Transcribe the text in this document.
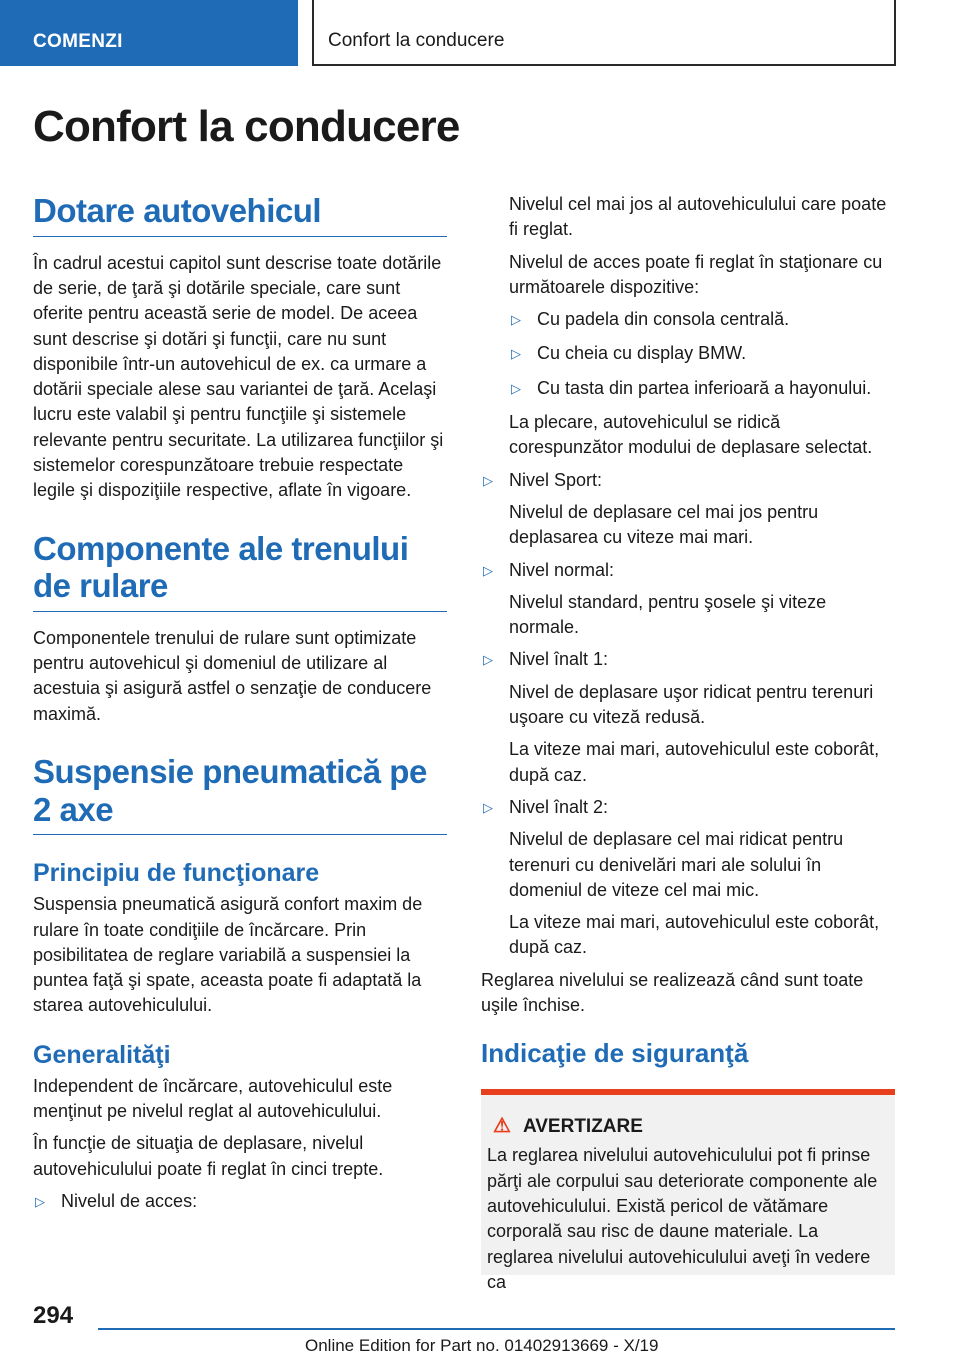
COMENZI	Confort la conducere
Confort la conducere
Dotare autovehicul

În cadrul acestui capitol sunt descrise toate dotările de serie, de ţară şi dotările speciale, care sunt oferite pentru această serie de model. De aceea sunt descrise şi dotări şi funcţii, care nu sunt disponibile într-un autovehicul de ex. ca urmare a dotării speciale alese sau variantei de ţară. Acelaşi lucru este valabil şi pentru funcţiile şi sistemele relevante pentru securitate. La utilizarea funcţiilor şi sistemelor corespunzătoare trebuie respectate legile şi dispoziţiile respective, aflate în vigoare.

Componente ale trenului de rulare

Componentele trenului de rulare sunt optimizate pentru autovehicul şi domeniul de utilizare al acestuia şi asigură astfel o senzaţie de conducere maximă.

Suspensie pneumatică pe 2 axe
Principiu de funcţionare

Suspensia pneumatică asigură confort maxim de rulare în toate condiţiile de încărcare. Prin posibilitatea de reglare variabilă a suspensiei la puntea faţă şi spate, aceasta poate fi adaptată la starea autovehiculului.

Generalităţi

Independent de încărcare, autovehiculul este menţinut pe nivelul reglat al autovehiculului.

În funcţie de situaţia de deplasare, nivelul autovehiculului poate fi reglat în cinci trepte.

▷ Nivelul de acces:

Nivelul cel mai jos al autovehiculului care poate fi reglat.

Nivelul de acces poate fi reglat în staţionare cu următoarele dispozitive:

▷ Cu padela din consola centrală.
▷ Cu cheia cu display BMW.
▷ Cu tasta din partea inferioară a hayonului.

La plecare, autovehiculul se ridică corespunzător modului de deplasare selectat.

▷ Nivel Sport:
Nivelul de deplasare cel mai jos pentru deplasarea cu viteze mai mari.
▷ Nivel normal:
Nivelul standard, pentru şosele şi viteze normale.
▷ Nivel înalt 1:
Nivel de deplasare uşor ridicat pentru terenuri uşoare cu viteză redusă.
La viteze mai mari, autovehiculul este coborât, după caz.
▷ Nivel înalt 2:
Nivelul de deplasare cel mai ridicat pentru terenuri cu denivelări mari ale solului în domeniul de viteze cel mai mic.
La viteze mai mari, autovehiculul este coborât, după caz.

Reglarea nivelului se realizează când sunt toate uşile închise.

Indicaţie de siguranţă
⚠ AVERTIZARE

La reglarea nivelului autovehiculului pot fi prinse părţi ale corpului sau deteriorate componente ale autovehiculului. Există pericol de vătămare corporală sau risc de daune materiale. La reglarea nivelului autovehiculului aveţi în vedere ca

294
Online Edition for Part no. 01402913669 - X/19
